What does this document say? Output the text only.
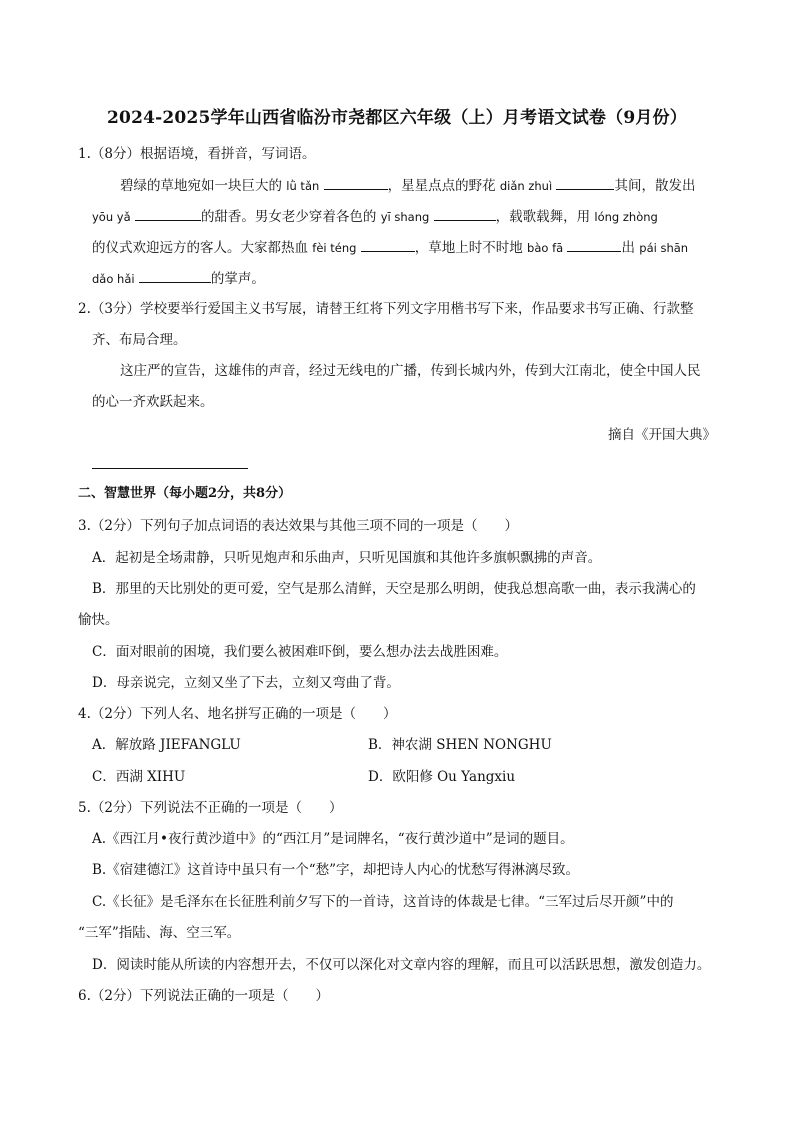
2024-2025学年山西省临汾市尧都区六年级（上）月考语文试卷（9月份）
1.（8分）根据语境，看拼音，写词语。
碧绿的草地宛如一块巨大的 lǜ tǎn	，星星点点的野花 diǎn zhuì	其间，散发出
yōu yǎ	的甜香。男女老少穿着各色的 yī shang	，载歌载舞，用 lóng zhòng
的仪式欢迎远方的客人。大家都热血 fèi téng	，草地上时不时地 bào fā	出 pái shān
dǎo hǎi	的掌声。
2.（3分）学校要举行爱国主义书写展，请替王红将下列文字用楷书写下来，作品要求书写正确、行款整
齐、布局合理。
这庄严的宣告，这雄伟的声音，经过无线电的广播，传到长城内外，传到大江南北，使全中国人民
的心一齐欢跃起来。
摘自《开国大典》
二、智慧世界（每小题2分，共8分）
3.（2分）下列句子加点词语的表达效果与其他三项不同的一项是（　　）
A．起初是全场肃静，只听见炮声和乐曲声，只听见国旗和其他许多旗帜飘拂的声音。
B．那里的天比别处的更可爱，空气是那么清鲜，天空是那么明朗，使我总想高歌一曲，表示我满心的
愉快。
C．面对眼前的困境，我们要么被困难吓倒，要么想办法去战胜困难。
D．母亲说完，立刻又坐了下去，立刻又弯曲了背。
4.（2分）下列人名、地名拼写正确的一项是（　　）
A．解放路 JIEFANGLU	B．神农湖 SHEN NONGHU
C．西湖 XIHU	D．欧阳修 Ou Yangxiu
5.（2分）下列说法不正确的一项是（　　）
A.《西江月•夜行黄沙道中》的“西江月”是词牌名，“夜行黄沙道中”是词的题目。
B.《宿建德江》这首诗中虽只有一个“愁”字，却把诗人内心的忧愁写得淋漓尽致。
C.《长征》是毛泽东在长征胜利前夕写下的一首诗，这首诗的体裁是七律。“三军过后尽开颜”中的
“三军”指陆、海、空三军。
D．阅读时能从所读的内容想开去，不仅可以深化对文章内容的理解，而且可以活跃思想，激发创造力。
6.（2分）下列说法正确的一项是（　　）
